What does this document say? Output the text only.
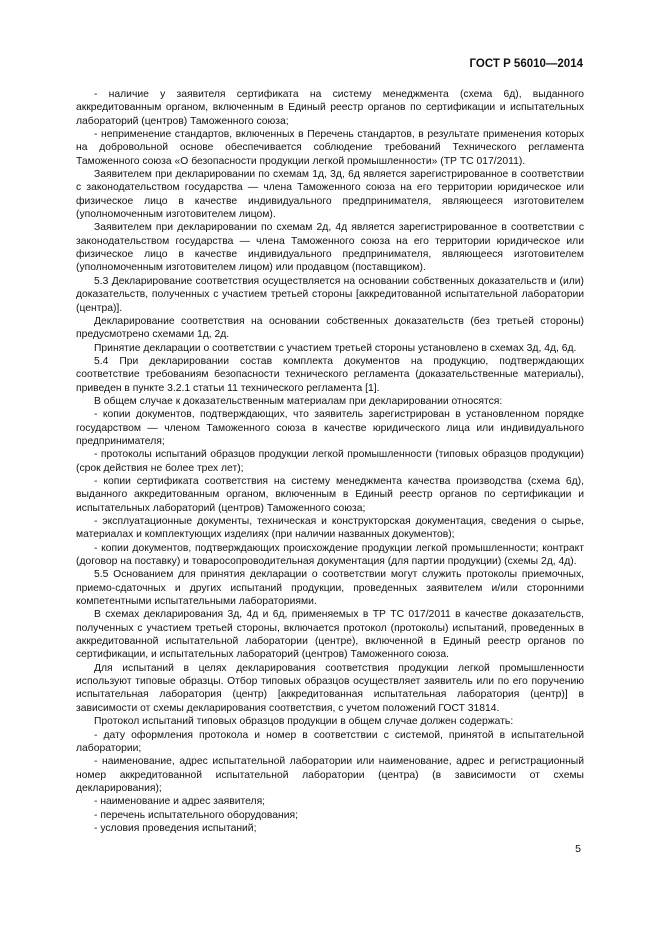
ГОСТ Р 56010—2014

- наличие у заявителя сертификата на систему менеджмента (схема 6д), выданного аккредитованным органом, включенным в Единый реестр органов по сертификации и испытательных лабораторий (центров) Таможенного союза;

- неприменение стандартов, включенных в Перечень стандартов, в результате применения которых на добровольной основе обеспечивается соблюдение требований Технического регламента Таможенного союза «О безопасности продукции легкой промышленности» (ТР ТС 017/2011).

Заявителем при декларировании по схемам 1д, 3д, 6д является зарегистрированное в соответствии с законодательством государства — члена Таможенного союза на его территории юридическое или физическое лицо в качестве индивидуального предпринимателя, являющееся изготовителем (уполномоченным изготовителем лицом).

Заявителем при декларировании по схемам 2д, 4д является зарегистрированное в соответствии с законодательством государства — члена Таможенного союза на его территории юридическое или физическое лицо в качестве индивидуального предпринимателя, являющееся изготовителем (уполномоченным изготовителем лицом) или продавцом (поставщиком).

5.3 Декларирование соответствия осуществляется на основании собственных доказательств и (или) доказательств, полученных с участием третьей стороны [аккредитованной испытательной лаборатории (центра)].

Декларирование соответствия на основании собственных доказательств (без третьей стороны) предусмотрено схемами 1д, 2д.

Принятие декларации о соответствии с участием третьей стороны установлено в схемах 3д, 4д, 6д.

5.4 При декларировании состав комплекта документов на продукцию, подтверждающих соответствие требованиям безопасности технического регламента (доказательственные материалы), приведен в пункте 3.2.1 статьи 11 технического регламента [1].

В общем случае к доказательственным материалам при декларировании относятся:

- копии документов, подтверждающих, что заявитель зарегистрирован в установленном порядке государством — членом Таможенного союза в качестве юридического лица или индивидуального предпринимателя;

- протоколы испытаний образцов продукции легкой промышленности (типовых образцов продукции) (срок действия не более трех лет);

- копии сертификата соответствия на систему менеджмента качества производства (схема 6д), выданного аккредитованным органом, включенным в Единый реестр органов по сертификации и испытательных лабораторий (центров) Таможенного союза;

- эксплуатационные документы, техническая и конструкторская документация, сведения о сырье, материалах и комплектующих изделиях (при наличии названных документов);

- копии документов, подтверждающих происхождение продукции легкой промышленности; контракт (договор на поставку) и товаросопроводительная документация (для партии продукции) (схемы 2д, 4д).

5.5 Основанием для принятия декларации о соответствии могут служить протоколы приемочных, приемо-сдаточных и других испытаний продукции, проведенных заявителем и/или сторонними компетентными испытательными лабораториями.

В схемах декларирования 3д, 4д и 6д, применяемых в ТР ТС 017/2011 в качестве доказательств, полученных с участием третьей стороны, включается протокол (протоколы) испытаний, проведенных в аккредитованной испытательной лаборатории (центре), включенной в Единый реестр органов по сертификации, и испытательных лабораторий (центров) Таможенного союза.

Для испытаний в целях декларирования соответствия продукции легкой промышленности используют типовые образцы. Отбор типовых образцов осуществляет заявитель или по его поручению испытательная лаборатория (центр) [аккредитованная испытательная лаборатория (центр)] в зависимости от схемы декларирования соответствия, с учетом положений ГОСТ 31814.

Протокол испытаний типовых образцов продукции в общем случае должен содержать:

- дату оформления протокола и номер в соответствии с системой, принятой в испытательной лаборатории;

- наименование, адрес испытательной лаборатории или наименование, адрес и регистрационный номер аккредитованной испытательной лаборатории (центра) (в зависимости от схемы декларирования);

- наименование и адрес заявителя;

- перечень испытательного оборудования;

- условия проведения испытаний;

5
